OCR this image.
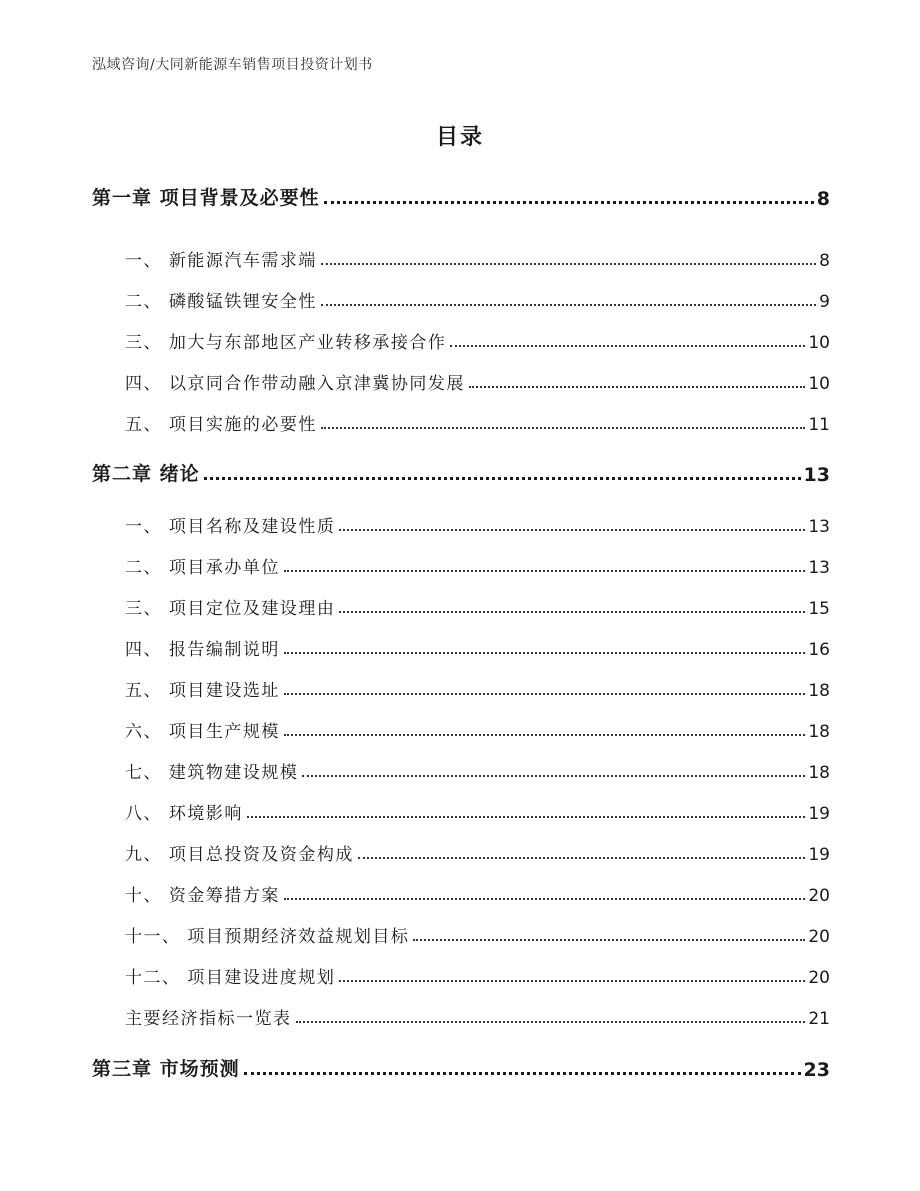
泓域咨询/大同新能源车销售项目投资计划书
目录
第一章 项目背景及必要性	8
一、 新能源汽车需求端	8
二、 磷酸锰铁锂安全性	9
三、 加大与东部地区产业转移承接合作	10
四、 以京同合作带动融入京津冀协同发展	10
五、 项目实施的必要性	11
第二章 绪论	13
一、 项目名称及建设性质	13
二、 项目承办单位	13
三、 项目定位及建设理由	15
四、 报告编制说明	16
五、 项目建设选址	18
六、 项目生产规模	18
七、 建筑物建设规模	18
八、 环境影响	19
九、 项目总投资及资金构成	19
十、 资金筹措方案	20
十一、 项目预期经济效益规划目标	20
十二、 项目建设进度规划	20
主要经济指标一览表	21
第三章 市场预测	23
